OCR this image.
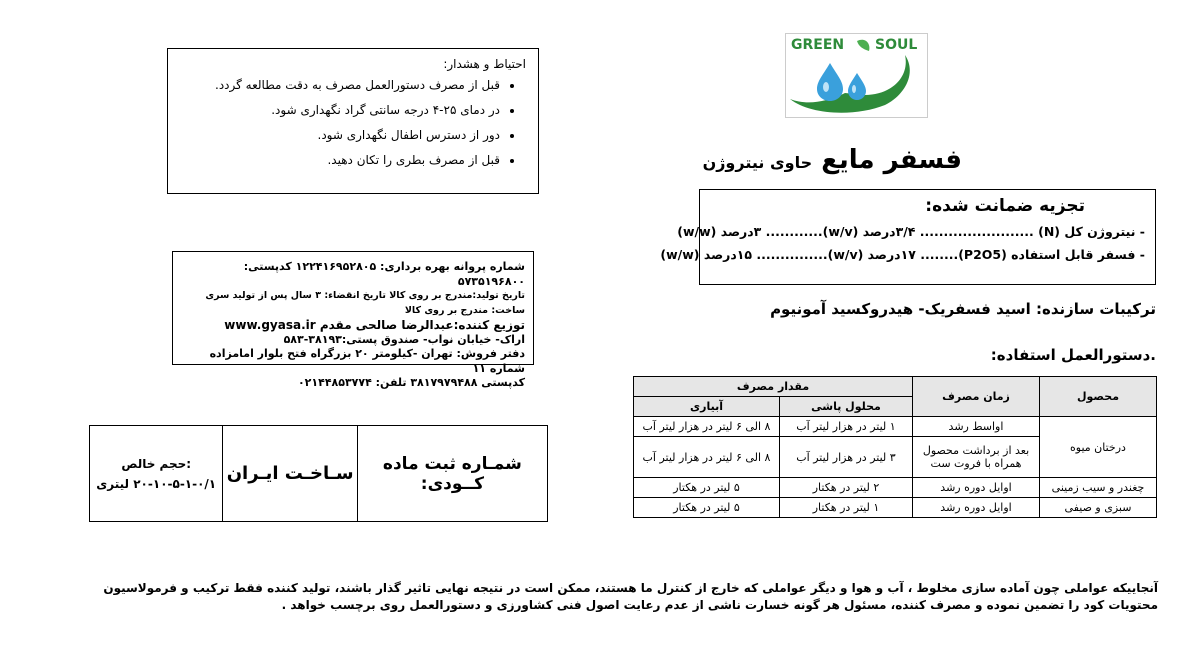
احتیاط و هشدار:
• قبل از مصرف دستورالعمل مصرف به دقت مطالعه گردد.
• در دمای ۲۵-۴ درجه سانتی گراد نگهداری شود.
• دور از دسترس اطفال نگهداری شود.
• قبل از مصرف بطری را تکان دهید.
GREEN SOUL
فسفر مایع حاوی نیتروژن
تجزیه ضمانت شده:
- نیتروژن کل (N) ........................ ۳/۴درصد (w/v)............ ۳درصد (w/w)
- فسفر قابل استفاده (P2O5)........ ۱۷درصد (w/v)............... ۱۵درصد (w/w)
ترکیبات سازنده: اسید فسفریک- هیدروکسید آمونیوم
.دستورالعمل استفاده:
شماره پروانه بهره برداری: ۱۲۲۴۱۶۹۵۲۸۰۵ کدپستی: ۵۷۳۵۱۹۶۸۰۰
تاریخ تولید:مندرج بر روی کالا تاریخ انقضاء: ۳ سال پس از تولید سری ساخت: مندرج بر روی کالا
توزیع کننده:عبدالرضا صالحی مقدم www.gyasa.ir
اراک- خیابان نواب- صندوق پستی:۳۸۱۹۳-۵۸۳
دفتر فروش: تهران -کیلومتر ۲۰ بزرگراه فتح بلوار امامزاده شماره ۱۱
کدپستی ۳۸۱۷۹۷۹۴۸۸ تلفن: ۰۲۱۴۴۸۵۳۷۷۴
حجم خالص:
۲۰-۱۰-۵-۱-۰/۱ لیتری سـاخـت ایـران	شمـاره ثبت ماده کــودی:
محصول	زمان مصرف	مقدار مصرف	
		محلول پاشی	آبیاری
درختان میوه	اواسط رشد	۱ لیتر در هزار لیتر آب	۸ الی ۶ لیتر در هزار لیتر آب
	بعد از برداشت محصول همراه با فروت ست	۳ لیتر در هزار لیتر آب	۸ الی ۶ لیتر در هزار لیتر آب
چغندر و سیب زمینی	اوایل دوره رشد	۲ لیتر در هکتار	۵ لیتر در هکتار
سبزی و صیفی	اوایل دوره رشد	۱ لیتر در هکتار	۵ لیتر در هکتار
آنجاییکه عواملی چون آماده سازی مخلوط ، آب و هوا و دیگر عواملی که خارج از کنترل ما هستند، ممکن است در نتیجه نهایی تاثیر گذار باشند، تولید کننده فقط ترکیب و فرمولاسیون محتویات کود را تضمین نموده و مصرف کننده، مسئول هر گونه خسارت ناشی از عدم رعایت اصول فنی کشاورزی و دستورالعمل روی برچسب خواهد .
